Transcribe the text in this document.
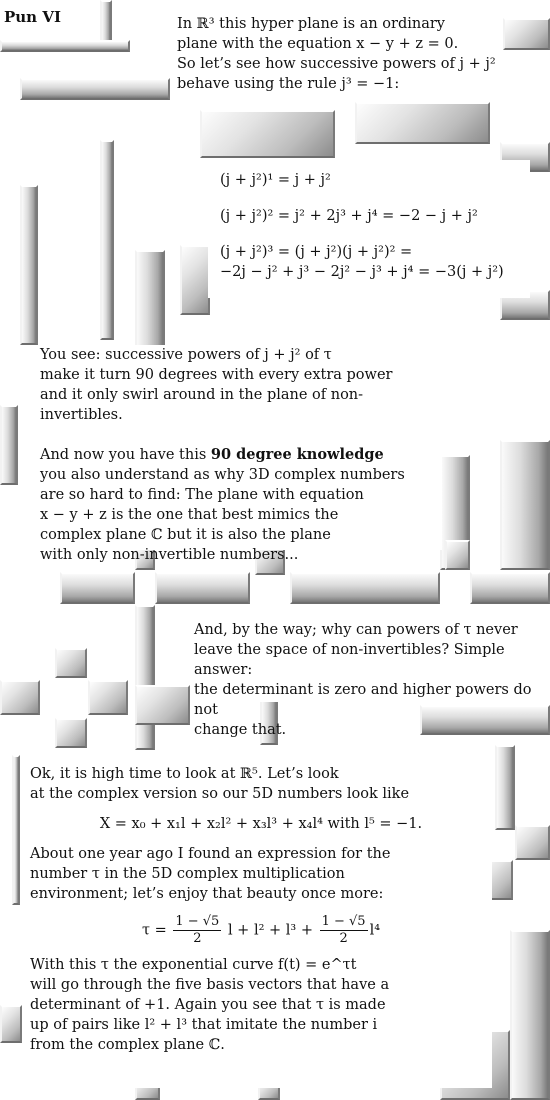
Pun VI	In ℝ³ this hyper plane is an ordinary

plane with the equation x − y + z = 0.

So let’s see how successive powers of j + j²

behave using the rule j³ = −1:

(j + j²)¹ = j + j²

(j + j²)² = j² + 2j³ + j⁴ = −2 − j + j²

(j + j²)³ = (j + j²)(j + j²)² =

−2j − j² + j³ − 2j² − j³ + j⁴ = −3(j + j²)

You see: successive powers of j + j² of τ

make it turn 90 degrees with every extra power

and it only swirl around in the plane of non-invertibles.

And now you have this 90 degree knowledge

you also understand as why 3D complex numbers

are so hard to find: The plane with equation

x − y + z is the one that best mimics the

complex plane ℂ but it is also the plane

with only non-invertible numbers...

And, by the way; why can powers of τ never

leave the space of non-invertibles? Simple answer:

the determinant is zero and higher powers do not

change that.

Ok, it is high time to look at ℝ⁵. Let’s look

at the complex version so our 5D numbers look like

X = x₀ + x₁l + x₂l² + x₃l³ + x₄l⁴ with l⁵ = −1.

About one year ago I found an expression for the

number τ in the 5D complex multiplication

environment; let’s enjoy that beauty once more:

$\tau = \frac{1 - √5}{2}$ $l + l^2 + l^3 + \frac{1 - √5}{2} l^4$

With this τ the exponential curve f(t) = e^τt

will go through the five basis vectors that have a

determinant of +1. Again you see that τ is made

up of pairs like l² + l³ that imitate the number i

from the complex plane ℂ.
